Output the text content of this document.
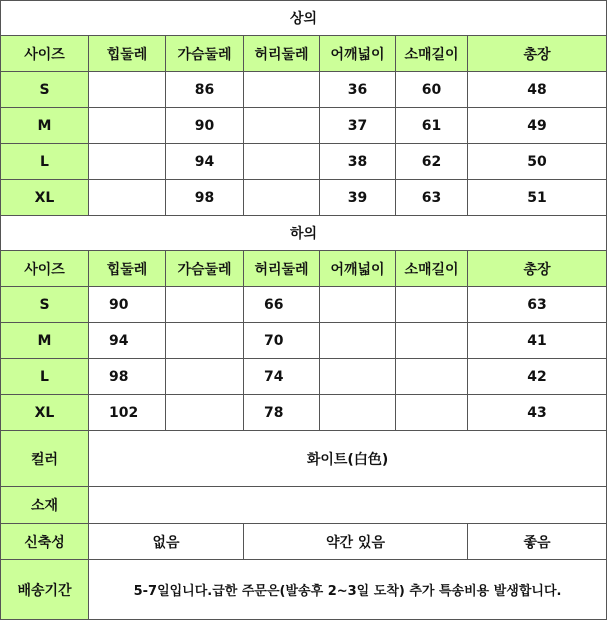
상의						
사이즈	힙둘레	가슴둘레	허리둘레	어깨넓이	소매길이	총장
S		86		36	60	48
M		90		37	61	49
L		94		38	62	50
XL		98		39	63	51
하의						
사이즈	힙둘레	가슴둘레	허리둘레	어깨넓이	소매길이	총장
S	90		66			63
M	94		70			41
L	98		74			42
XL	102		78			43
컬러	화이트(白色)					
소재						
신축성	없음		약간 있음			좋음
배송기간	5-7일입니다.급한 주문은(발송후 2~3일 도착) 추가 특송비용 발생합니다.					
